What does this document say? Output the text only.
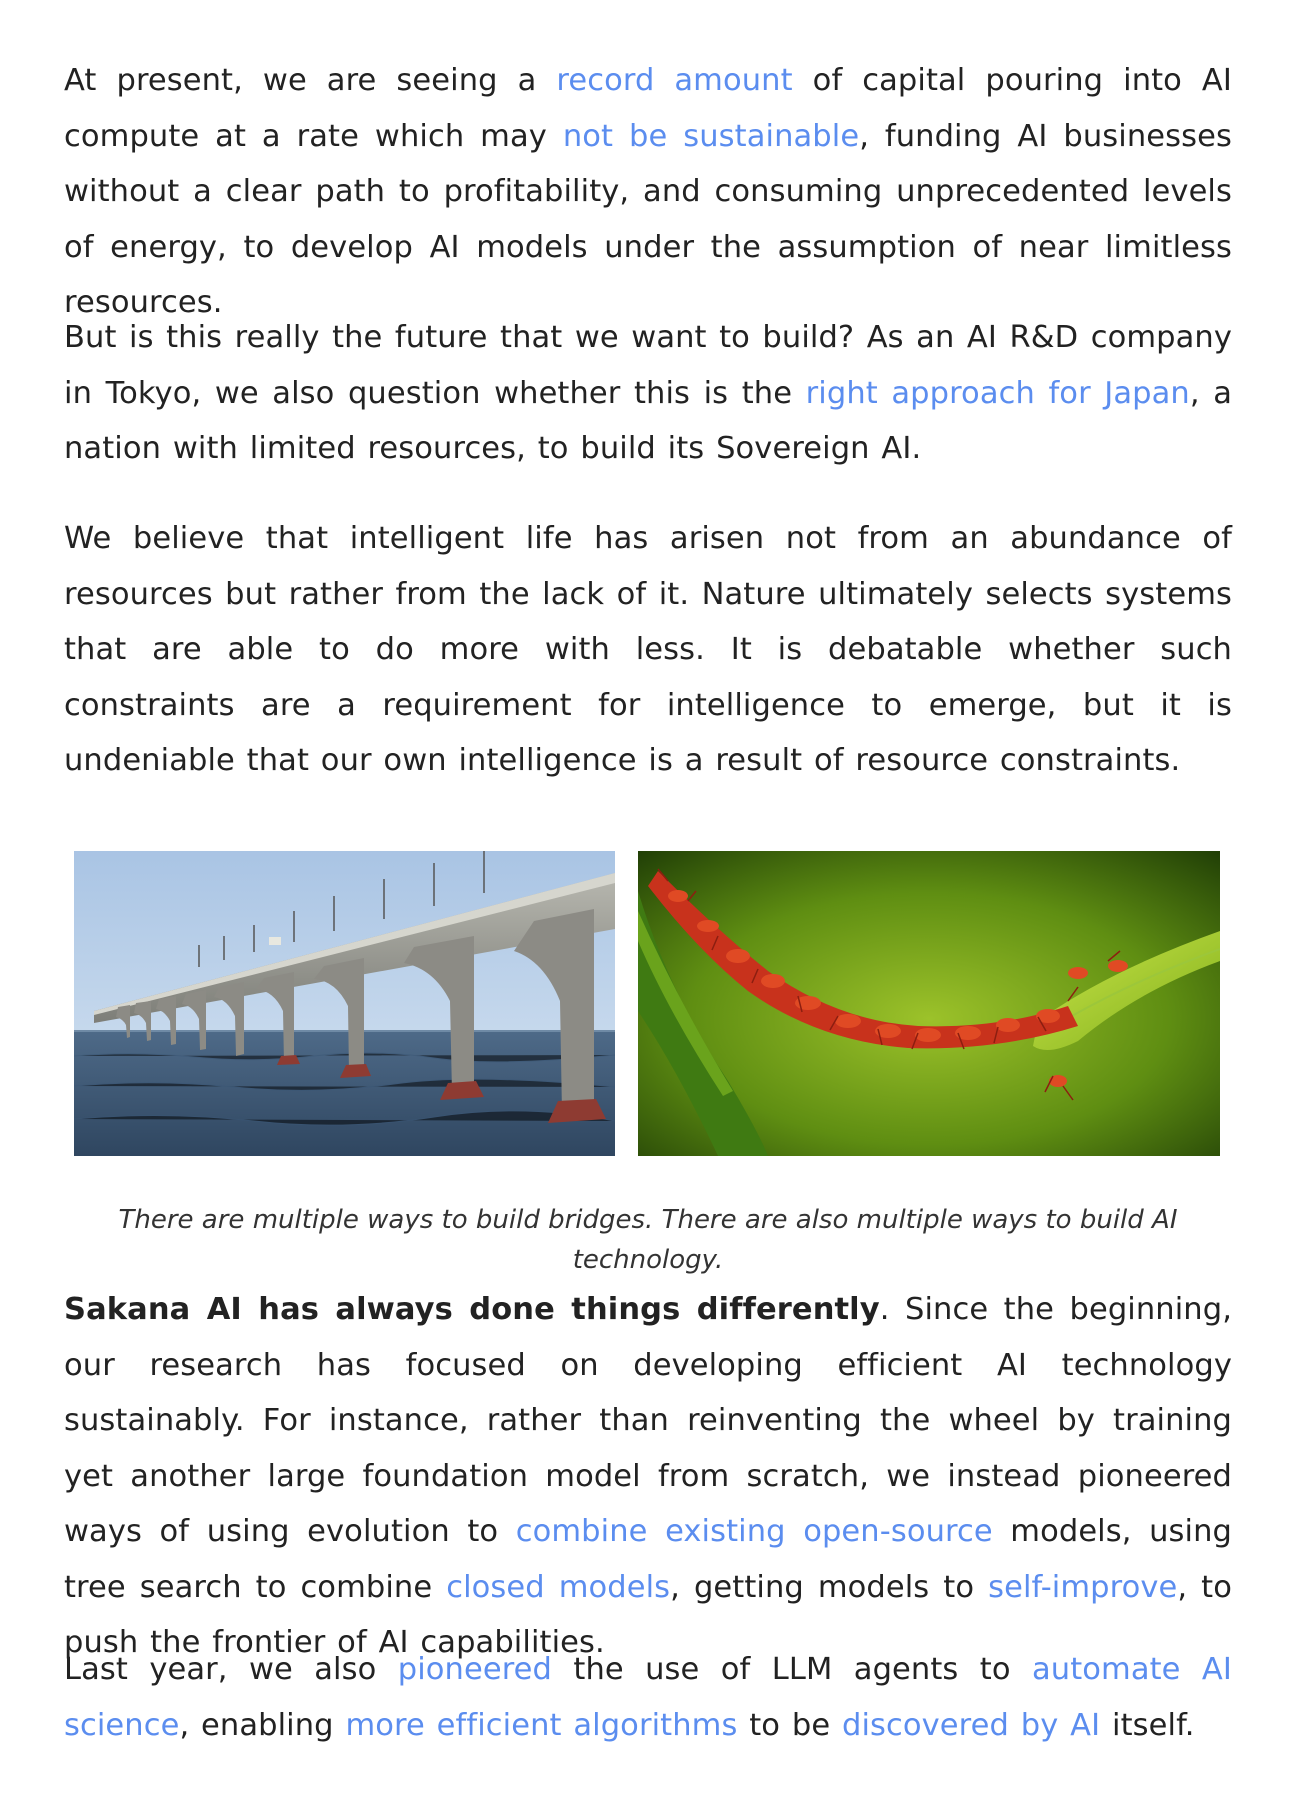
At present, we are seeing a record amount of capital pouring into AI compute at a rate which may not be sustainable, funding AI businesses without a clear path to profitability, and consuming unprecedented levels of energy, to develop AI models under the assumption of near limitless resources.

But is this really the future that we want to build? As an AI R&D company in Tokyo, we also question whether this is the right approach for Japan, a nation with limited resources, to build its Sovereign AI.

We believe that intelligent life has arisen not from an abundance of resources but rather from the lack of it. Nature ultimately selects systems that are able to do more with less. It is debatable whether such constraints are a requirement for intelligence to emerge, but it is undeniable that our own intelligence is a result of resource constraints.

There are multiple ways to build bridges. There are also multiple ways to build AI technology.

Sakana AI has always done things differently. Since the beginning, our research has focused on developing efficient AI technology sustainably. For instance, rather than reinventing the wheel by training yet another large foundation model from scratch, we instead pioneered ways of using evolution to combine existing open-source models, using tree search to combine closed models, getting models to self-improve, to push the frontier of AI capabilities.

Last year, we also pioneered the use of LLM agents to automate AI science, enabling more efficient algorithms to be discovered by AI itself.
